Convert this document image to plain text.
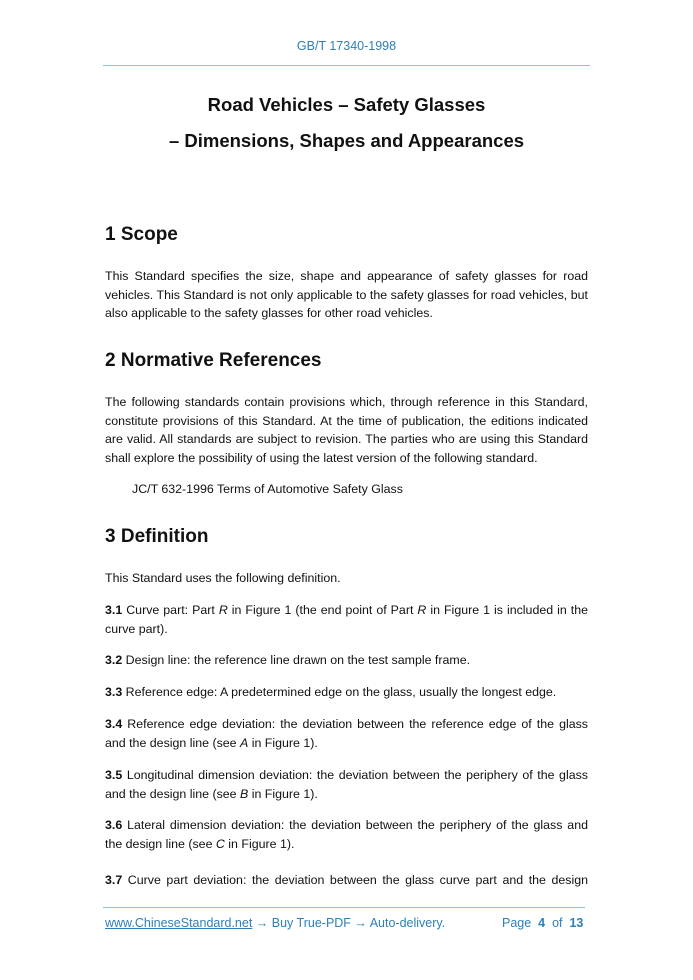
GB/T 17340-1998
Road Vehicles – Safety Glasses
– Dimensions, Shapes and Appearances
1 Scope
This Standard specifies the size, shape and appearance of safety glasses for road vehicles. This Standard is not only applicable to the safety glasses for road vehicles, but also applicable to the safety glasses for other road vehicles.
2 Normative References
The following standards contain provisions which, through reference in this Standard, constitute provisions of this Standard. At the time of publication, the editions indicated are valid. All standards are subject to revision. The parties who are using this Standard shall explore the possibility of using the latest version of the following standard.
JC/T 632-1996 Terms of Automotive Safety Glass
3 Definition
This Standard uses the following definition.
3.1 Curve part: Part R in Figure 1 (the end point of Part R in Figure 1 is included in the curve part).
3.2 Design line: the reference line drawn on the test sample frame.
3.3 Reference edge: A predetermined edge on the glass, usually the longest edge.
3.4 Reference edge deviation: the deviation between the reference edge of the glass and the design line (see A in Figure 1).
3.5 Longitudinal dimension deviation: the deviation between the periphery of the glass and the design line (see B in Figure 1).
3.6 Lateral dimension deviation: the deviation between the periphery of the glass and the design line (see C in Figure 1).
3.7 Curve part deviation: the deviation between the glass curve part and the design
www.ChineseStandard.net → Buy True-PDF → Auto-delivery.	Page 4 of 13
